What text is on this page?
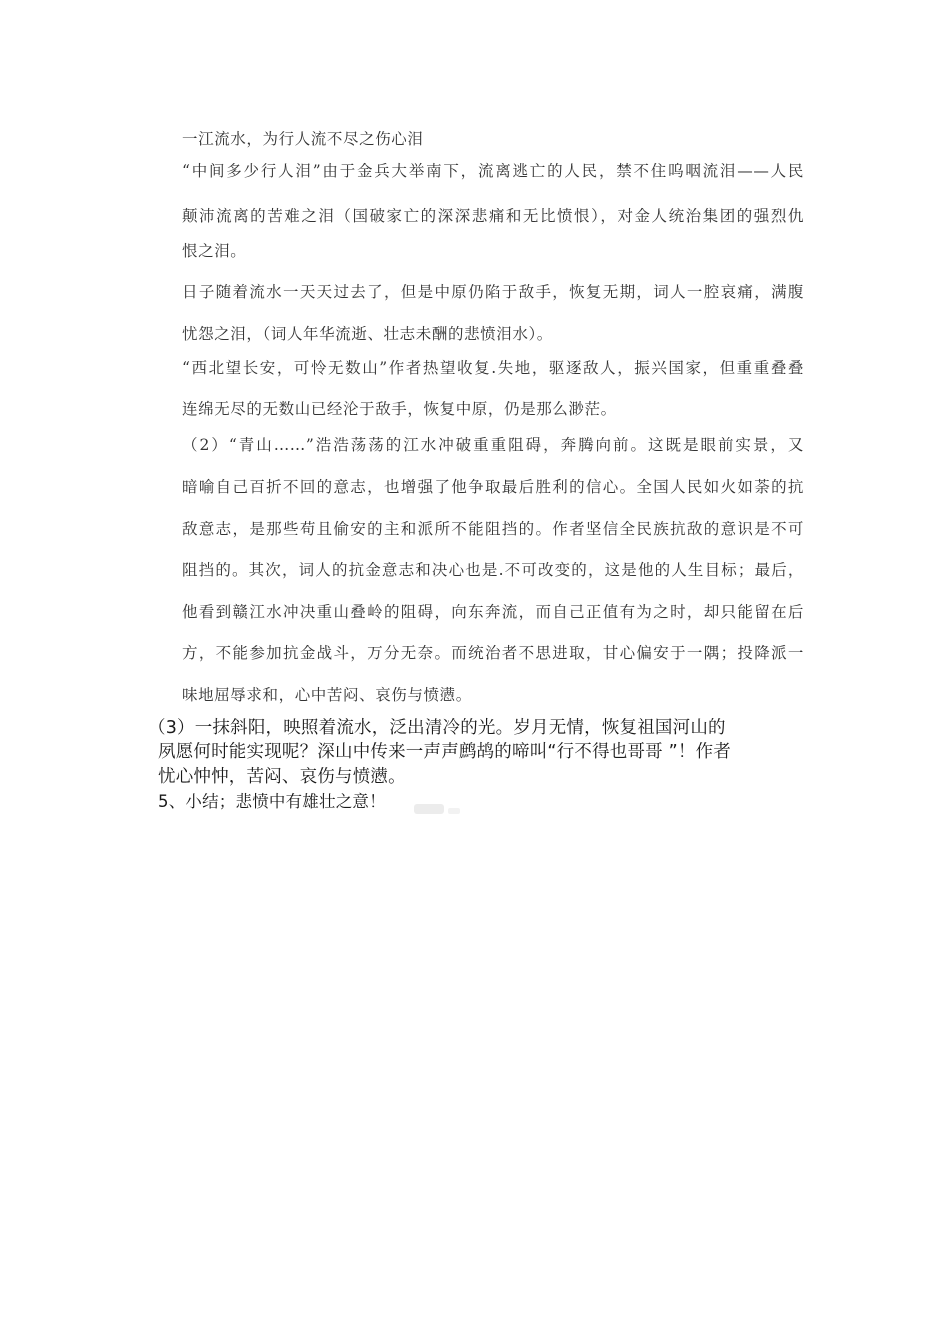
一江流水，为行人流不尽之伤心泪
“中间多少行人泪”由于金兵大举南下，流离逃亡的人民，禁不住呜咽流泪——人民
颠沛流离的苦难之泪（国破家亡的深深悲痛和无比愤恨），对金人统治集团的强烈仇
恨之泪。
日子随着流水一天天过去了，但是中原仍陷于敌手，恢复无期，词人一腔哀痛，满腹
忧怨之泪，（词人年华流逝、壮志未酬的悲愤泪水）。
“西北望长安，可怜无数山”作者热望收复.失地，驱逐敌人，振兴国家，但重重叠叠
连绵无尽的无数山已经沦于敌手，恢复中原，仍是那么渺茫。
（2）“青山……”浩浩荡荡的江水冲破重重阻碍，奔腾向前。这既是眼前实景，又
暗喻自己百折不回的意志，也增强了他争取最后胜利的信心。全国人民如火如荼的抗
敌意志，是那些苟且偷安的主和派所不能阻挡的。作者坚信全民族抗敌的意识是不可
阻挡的。其次，词人的抗金意志和决心也是.不可改变的，这是他的人生目标；最后，
他看到赣江水冲决重山叠岭的阻碍，向东奔流，而自己正值有为之时，却只能留在后
方，不能参加抗金战斗，万分无奈。而统治者不思进取，甘心偏安于一隅；投降派一
味地屈辱求和，心中苦闷、哀伤与愤懑。
（3）一抹斜阳，映照着流水，泛出清冷的光。岁月无情，恢复祖国河山的
夙愿何时能实现呢？深山中传来一声声鹧鸪的啼叫“行不得也哥哥 ”！作者
忧心忡忡，苦闷、哀伤与愤懑。
5、小结；悲愤中有雄壮之意！
